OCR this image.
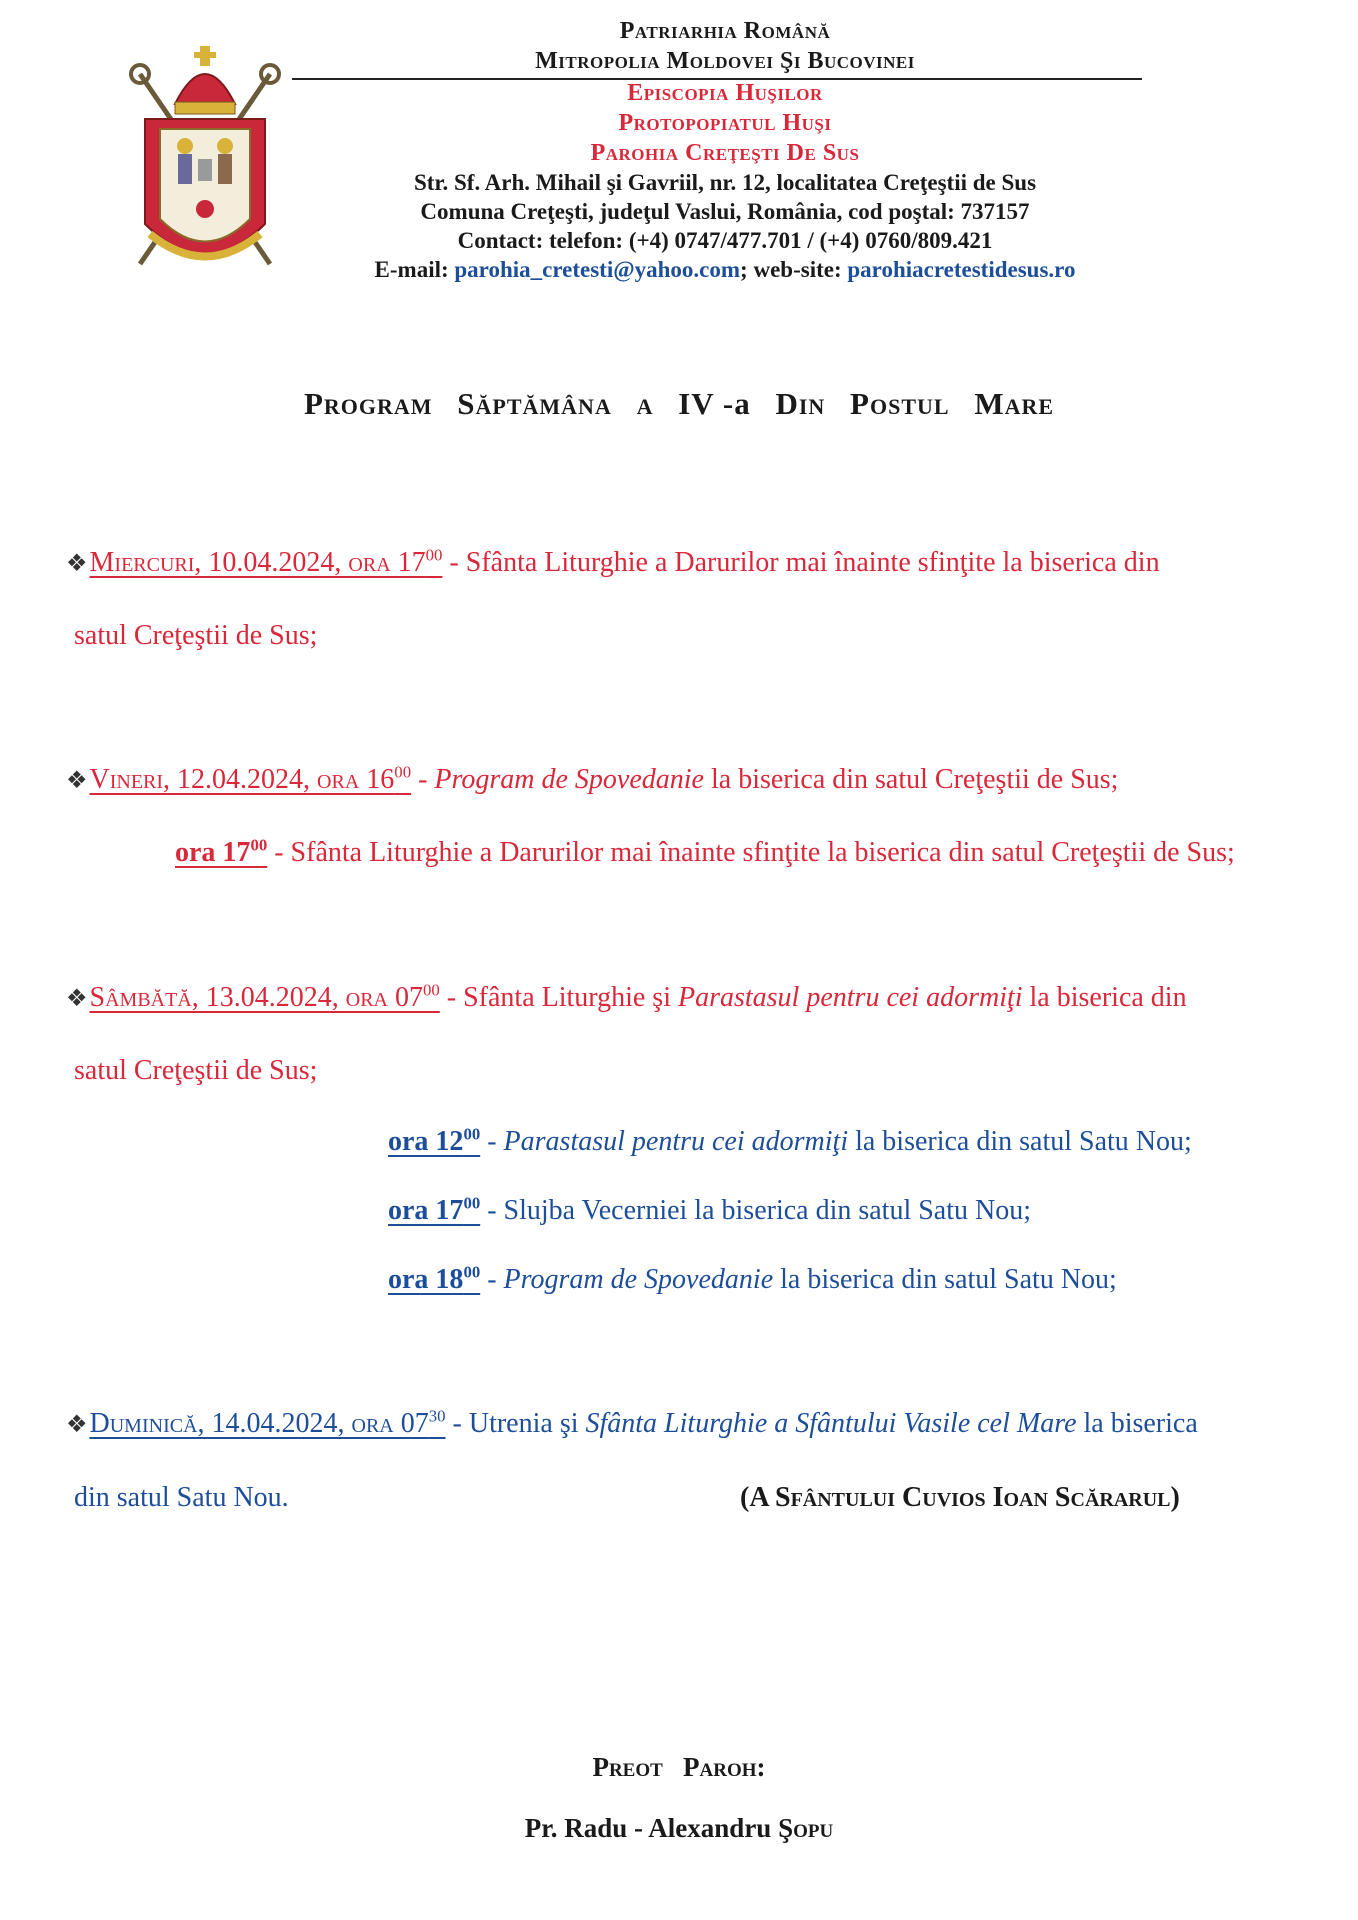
Patriarhia Română
Mitropolia Moldovei Şi Bucovinei
Episcopia Huşilor
Protopopiatul Huşi
Parohia Creţeşti De Sus
Str. Sf. Arh. Mihail şi Gavriil, nr. 12, localitatea Creţeştii de Sus
Comuna Creţeşti, judeţul Vaslui, România, cod poştal: 737157
Contact: telefon: (+4) 0747/477.701 / (+4) 0760/809.421
E-mail: parohia_cretesti@yahoo.com; web-site: parohiacretestidesus.ro
Program Săptămâna a IV -a Din Postul Mare
❖Miercuri, 10.04.2024, ora $17^{00}$ - Sfânta Liturghie a Darurilor mai înainte sfinţite la biserica din
satul Creţeştii de Sus;
❖Vineri, 12.04.2024, ora $16^{00}$ - Program de Spovedanie la biserica din satul Creţeştii de Sus;
ora $17^{00}$ - Sfânta Liturghie a Darurilor mai înainte sfinţite la biserica din satul Creţeştii de Sus;
❖Sâmbătă, 13.04.2024, ora $07^{00}$ - Sfânta Liturghie şi Parastasul pentru cei adormiţi la biserica din
satul Creţeştii de Sus;
ora $12^{00}$ - Parastasul pentru cei adormiţi la biserica din satul Satu Nou;
ora $17^{00}$ - Slujba Vecerniei la biserica din satul Satu Nou;
ora $18^{00}$ - Program de Spovedanie la biserica din satul Satu Nou;
❖Duminică, 14.04.2024, ora $07^{30}$ - Utrenia şi Sfânta Liturghie a Sfântului Vasile cel Mare la biserica
din satul Satu Nou.	(A Sfântului Cuvios Ioan Scărarul)
Preot   Paroh:
Pr. Radu - Alexandru Şopu
